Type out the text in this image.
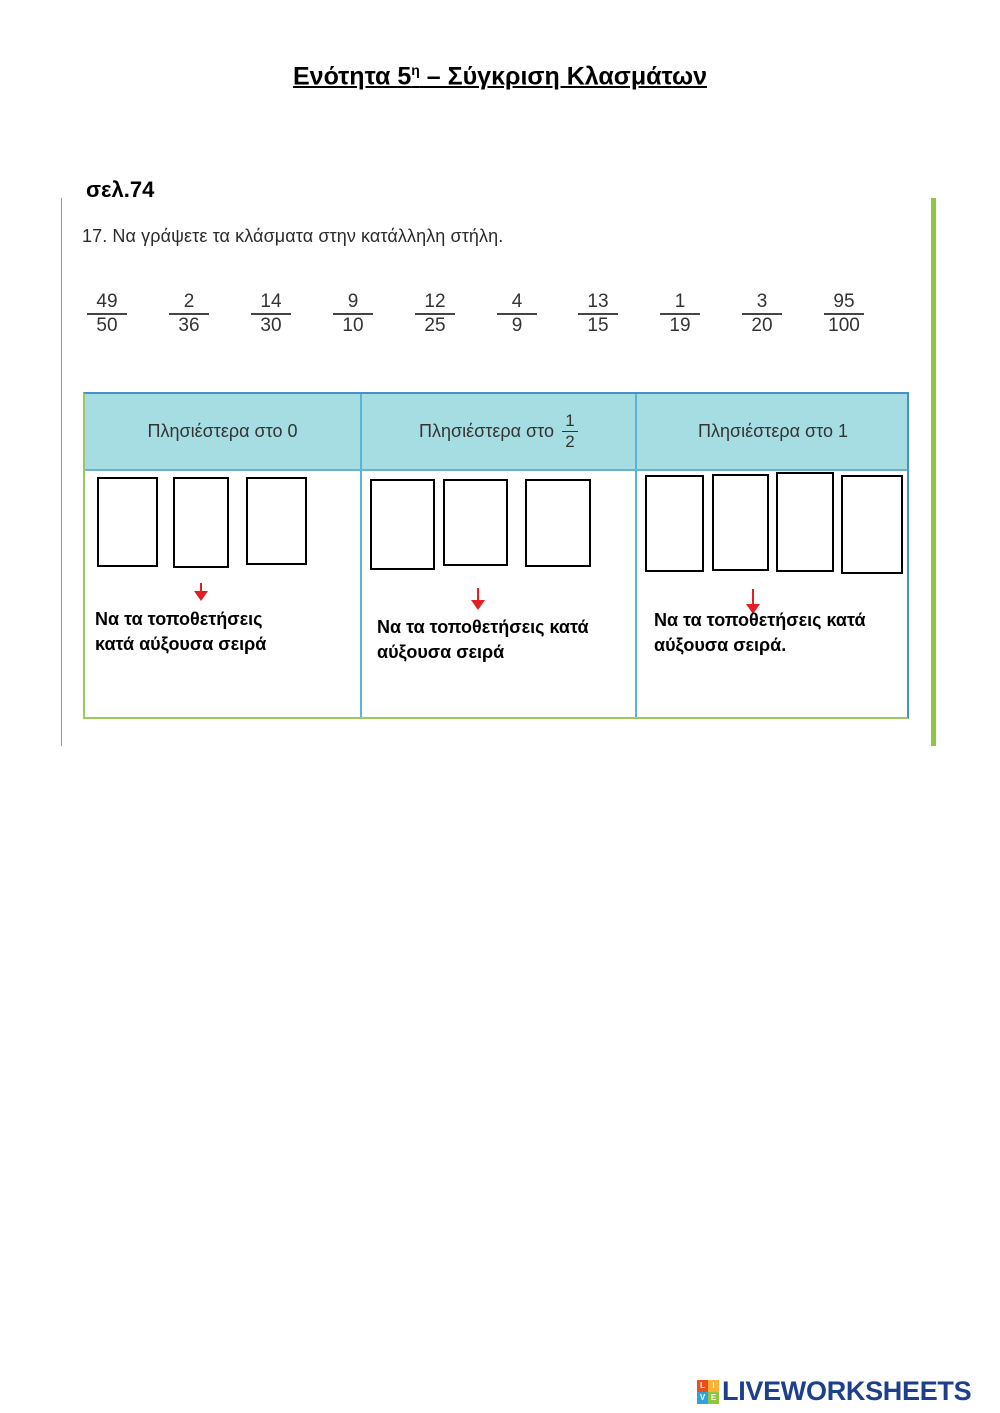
Ενότητα $5^\eta$ – Σύγκριση Κλασμάτων
σελ.74
17. Να γράψετε τα κλάσματα στην κατάλληλη στήλη.
49
50
2
36
14
30
9
10
12
25
4
9
13
15
1
19
3
20
95
100
Πλησιέστερα στο 0	Πλησιέστερα στο
1
2
Πλησιέστερα στο 1
Να τα τοποθετήσεις
κατά αύξουσα σειρά
Να τα τοποθετήσεις κατά
αύξουσα σειρά
Να τα τοποθετήσεις κατά
αύξουσα σειρά.
L I
V E LIVEWORKSHEETS
